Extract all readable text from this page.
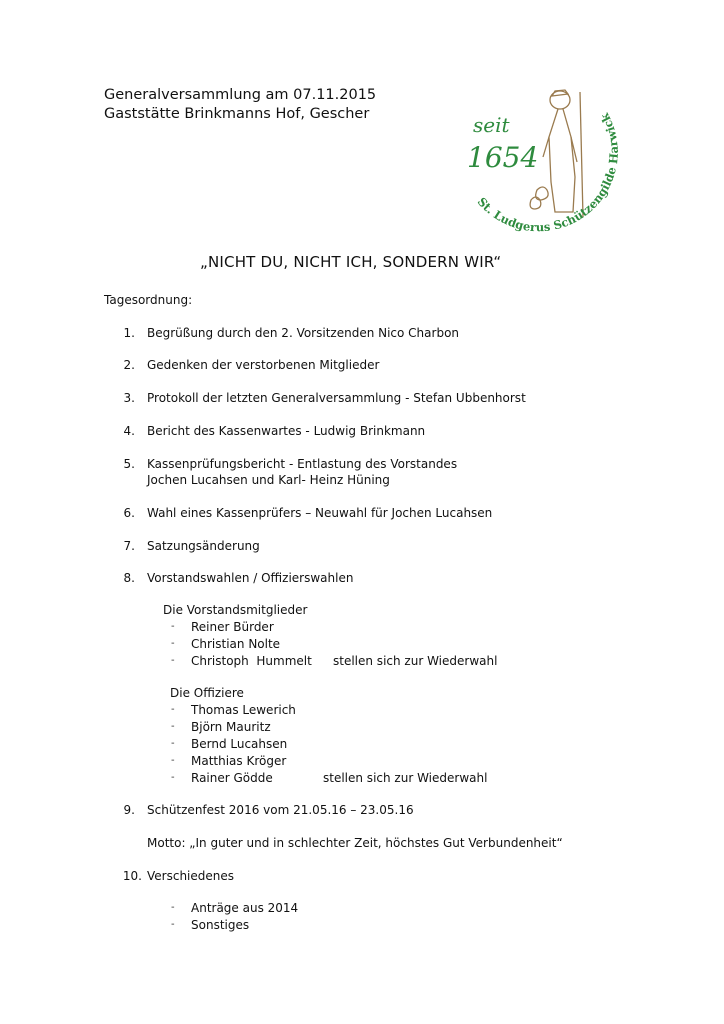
Generalversammlung am 07.11.2015
Gaststätte Brinkmanns Hof, Gescher	seit
1654
St. Ludgerus Schützengilde Harwick
„NICHT DU, NICHT ICH, SONDERN WIR“
Tagesordnung:
1. Begrüßung durch den 2. Vorsitzenden Nico Charbon
2. Gedenken der verstorbenen Mitglieder
3. Protokoll der letzten Generalversammlung - Stefan Ubbenhorst
4. Bericht des Kassenwartes - Ludwig Brinkmann
5. Kassenprüfungsbericht - Entlastung des Vorstandes
Jochen Lucahsen und Karl- Heinz Hüning
6. Wahl eines Kassenprüfers – Neuwahl für Jochen Lucahsen
7. Satzungsänderung
8. Vorstandswahlen / Offizierswahlen
Die Vorstandsmitglieder
- Reiner Bürder
- Christian Nolte
- Christoph  Hummelt stellen sich zur Wiederwahl
Die Offiziere
- Thomas Lewerich
- Björn Mauritz
- Bernd Lucahsen
- Matthias Kröger
- Rainer Gödde	stellen sich zur Wiederwahl
9. Schützenfest 2016 vom 21.05.16 – 23.05.16
Motto: „In guter und in schlechter Zeit, höchstes Gut Verbundenheit“
10. Verschiedenes
- Anträge aus 2014
- Sonstiges
